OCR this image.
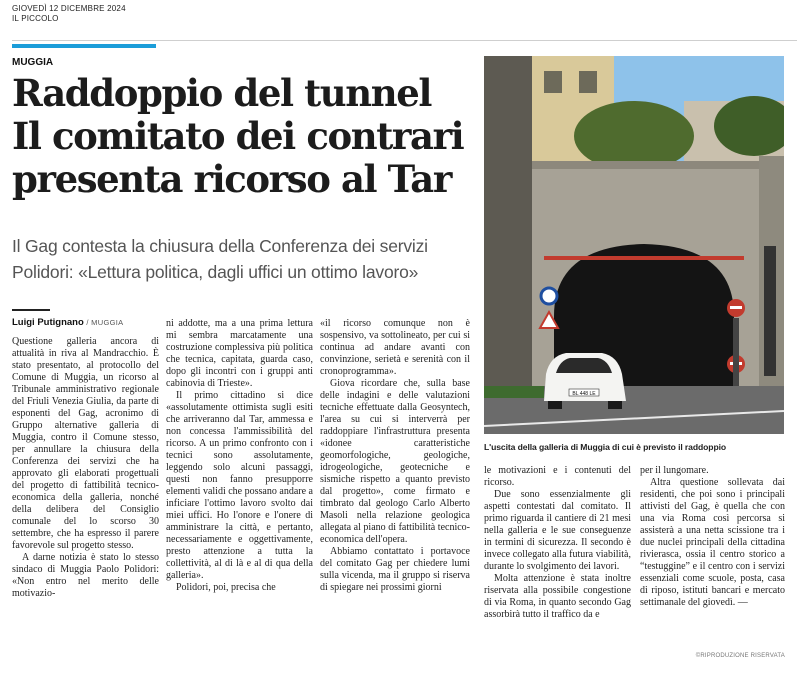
GIOVEDÌ 12 DICEMBRE 2024
IL PICCOLO
MUGGIA
Raddoppio del tunnel
Il comitato dei contrari
presenta ricorso al Tar
Il Gag contesta la chiusura della Conferenza dei servizi
Polidori: «Lettura politica, dagli uffici un ottimo lavoro»
Luigi Putignano / MUGGIA

Questione galleria ancora di attualità in riva al Mandracchio. È stato presentato, al protocollo del Comune di Muggia, un ricorso al Tribunale amministrativo regionale del Friuli Venezia Giulia, da parte di esponenti del Gag, acronimo di Gruppo alternative galleria di Muggia, contro il Comune stesso, per annullare la chiusura della Conferenza dei servizi che ha approvato gli elaborati progettuali del progetto di fattibilità tecnico-economica della galleria, nonché della delibera del Consiglio comunale del lo scorso 30 settembre, che ha espresso il parere favorevole sul progetto stesso.

A darne notizia è stato lo stesso sindaco di Muggia Paolo Polidori: «Non entro nel merito delle motivazio-

ni addotte, ma a una prima lettura mi sembra marcatamente una costruzione complessiva più politica che tecnica, capitata, guarda caso, dopo gli incontri con i gruppi anti cabinovia di Trieste».

Il primo cittadino si dice «assolutamente ottimista sugli esiti che arriveranno dal Tar, ammessa e non concessa l'ammissibilità del ricorso. A un primo confronto con i tecnici sono assolutamente, leggendo solo alcuni passaggi, questi non fanno presupporre elementi validi che possano andare a inficiare l'ottimo lavoro svolto dai miei uffici. Ho l'onore e l'onere di amministrare la città, e pertanto, necessariamente e oggettivamente, presto attenzione a tutta la collettività, al di là e al di qua della galleria».

Polidori, poi, precisa che

«il ricorso comunque non è sospensivo, va sottolineato, per cui si continua ad andare avanti con convinzione, serietà e serenità con il cronoprogramma».

Giova ricordare che, sulla base delle indagini e delle valutazioni tecniche effettuate dalla Geosyntech, l'area su cui si interverrà per raddoppiare l'infrastruttura presenta «idonee caratteristiche geomorfologiche, geologiche, idrogeologiche, geotecniche e sismiche rispetto a quanto previsto dal progetto», come firmato e timbrato dal geologo Carlo Alberto Masoli nella relazione geologica allegata al piano di fattibilità tecnico-economica dell'opera.

Abbiamo contattato i portavoce del comitato Gag per chiedere lumi sulla vicenda, ma il gruppo si riserva di spiegare nei prossimi giorni

BL 448 LE
L'uscita della galleria di Muggia di cui è previsto il raddoppio

le motivazioni e i contenuti del ricorso.

Due sono essenzialmente gli aspetti contestati dal comitato. Il primo riguarda il cantiere di 21 mesi nella galleria e le sue conseguenze in termini di sicurezza. Il secondo è invece collegato alla futura viabilità, durante lo svolgimento dei lavori.

Molta attenzione è stata inoltre riservata alla possibile congestione di via Roma, in quanto secondo Gag assorbirà tutto il traffico da e

per il lungomare.

Altra questione sollevata dai residenti, che poi sono i principali attivisti del Gag, è quella che con una via Roma così percorsa si assisterà a una netta scissione tra i due nuclei principali della cittadina rivierasca, ossia il centro storico a “testugginе” e il centro con i servizi essenziali come scuole, posta, casa di riposo, istituti bancari e mercato settimanale del giovedì. —

©RIPRODUZIONE RISERVATA
